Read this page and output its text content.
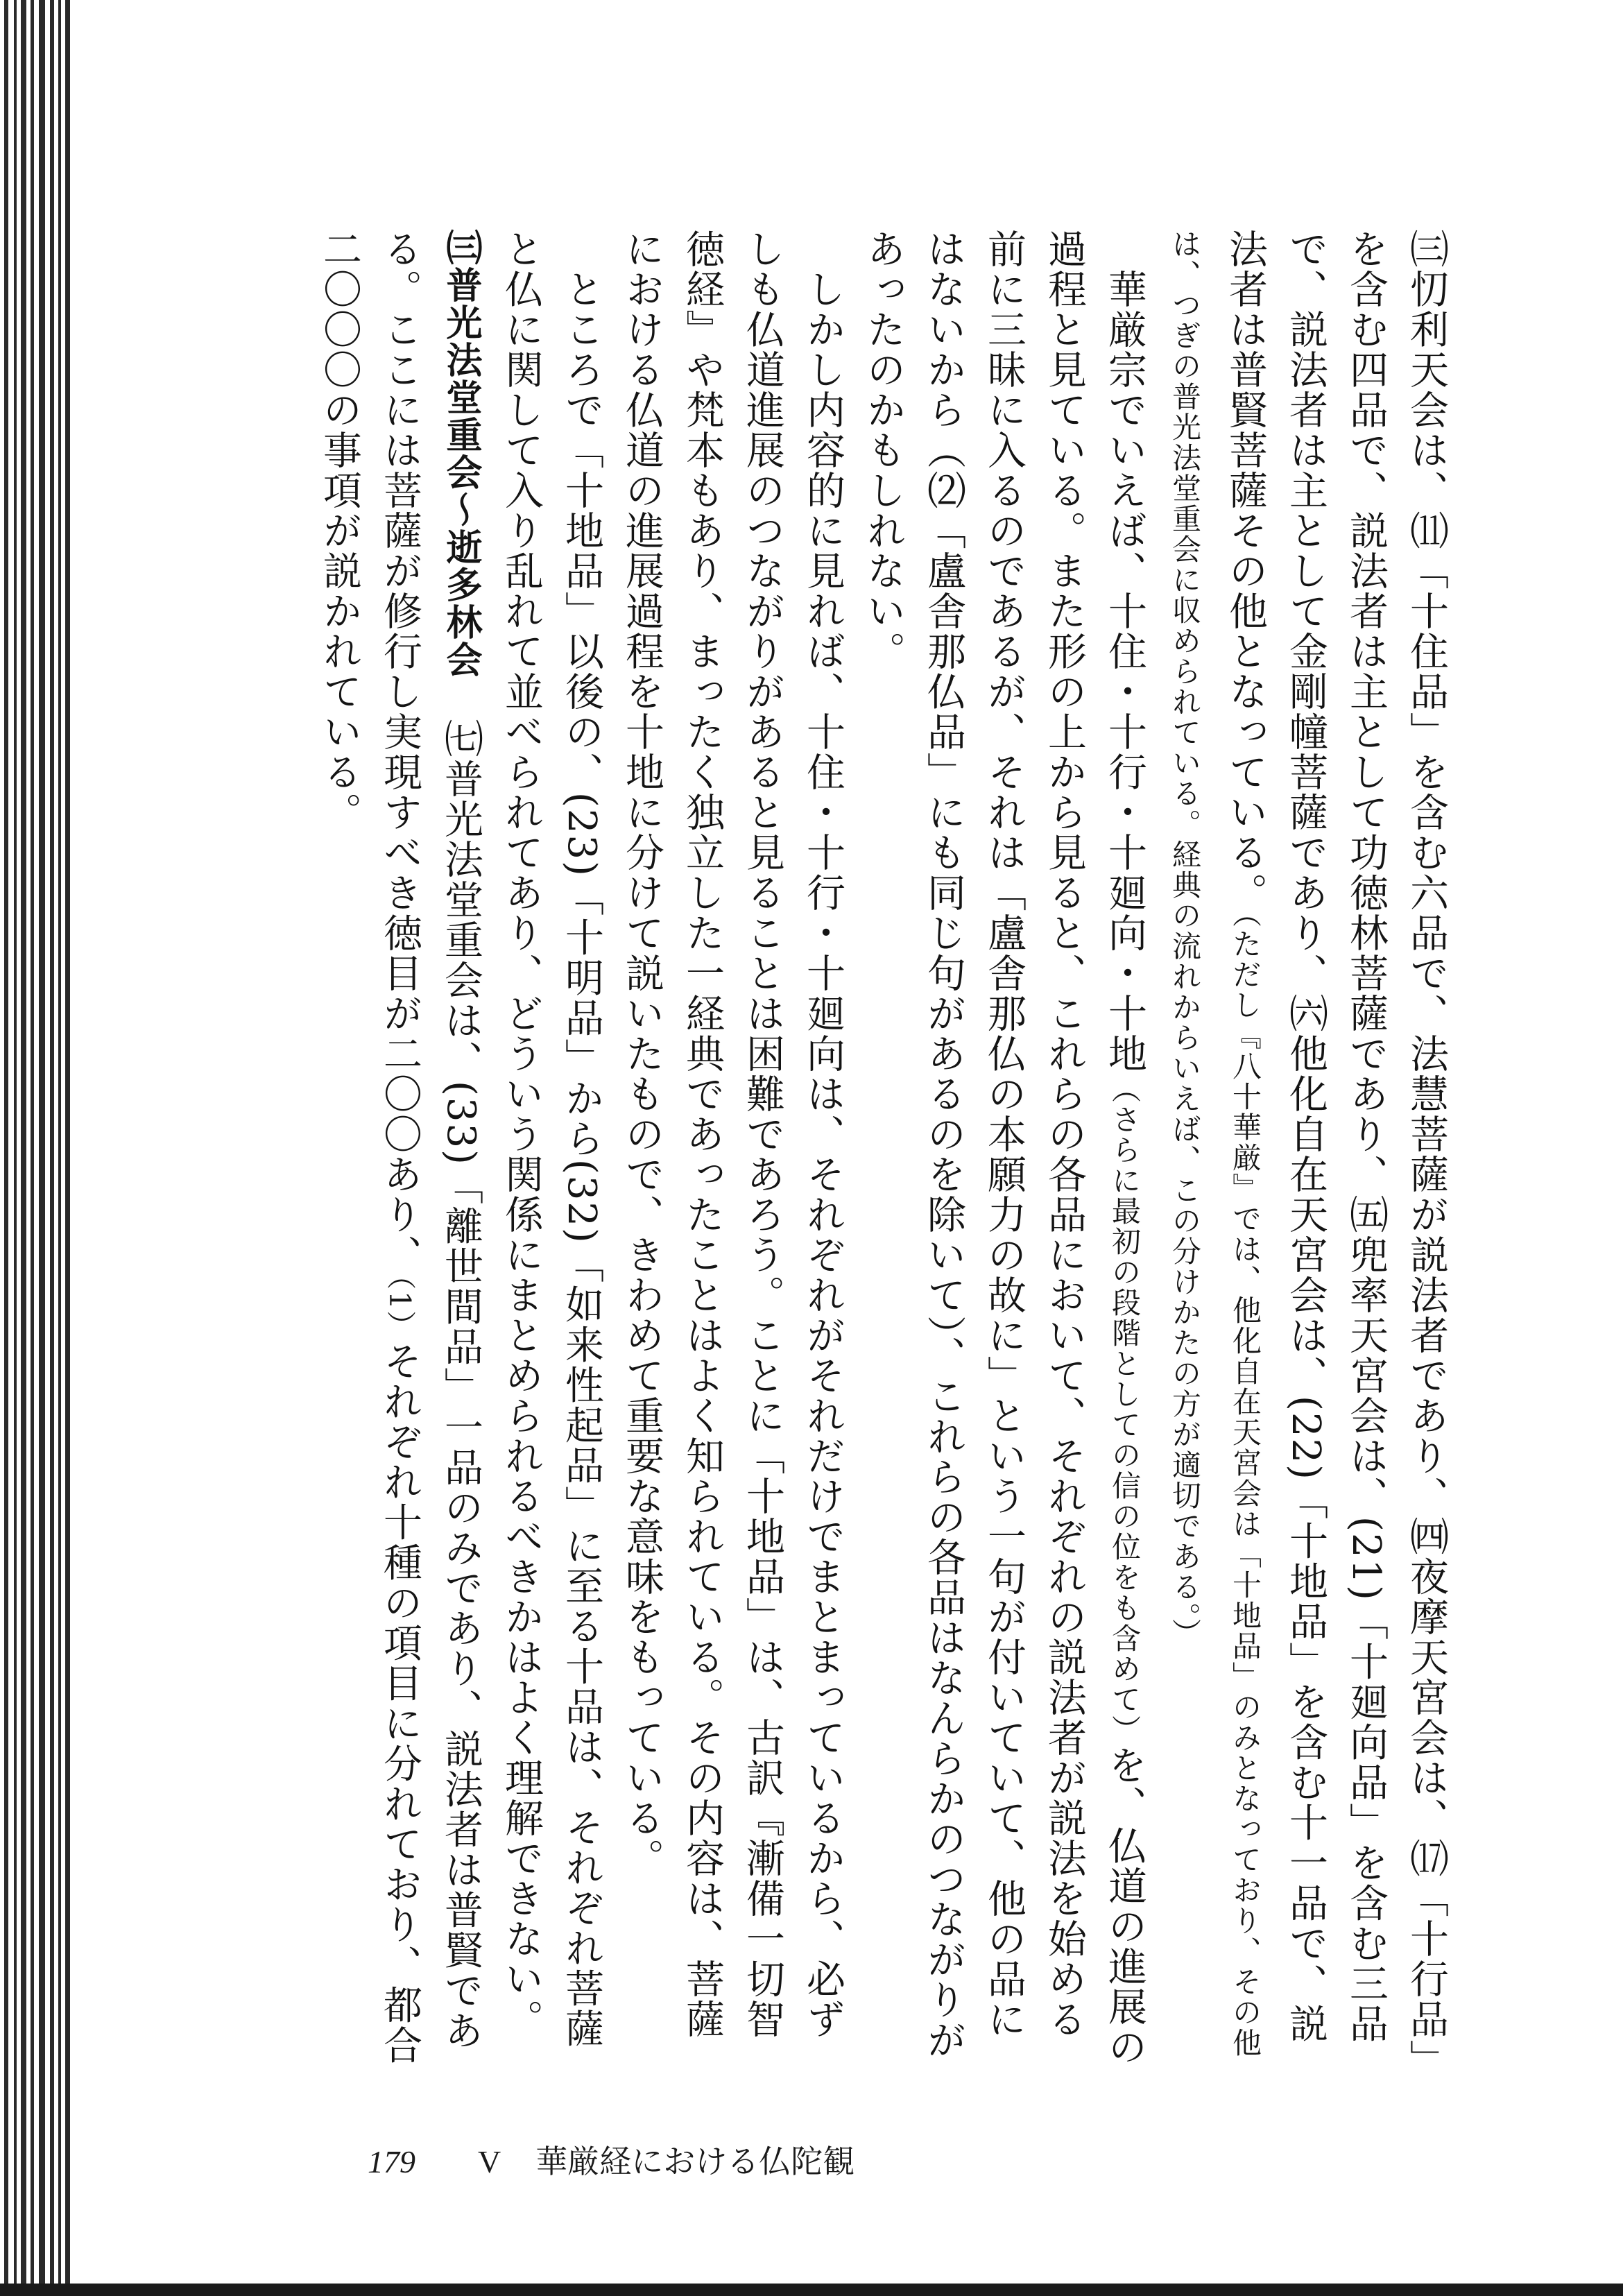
㈢忉利天会は、⑾「十住品」を含む六品で、法慧菩薩が説法者であり、㈣夜摩天宮会は、⒄「十行品」を含む四品で、説法者は主として功徳林菩薩であり、㈤兜率天宮会は、(21)「十廻向品」を含む三品で、説法者は主として金剛幢菩薩であり、㈥他化自在天宮会は、(22)「十地品」を含む十一品で、説法者は普賢菩薩その他となっている。（ただし『八十華厳』では、他化自在天宮会は「十地品」のみとなっており、その他は、つぎの普光法堂重会に収められている。経典の流れからいえば、この分けかたの方が適切である。）

　華厳宗でいえば、十住・十行・十廻向・十地（さらに最初の段階としての信の位をも含めて）を、仏道の進展の過程と見ている。また形の上から見ると、これらの各品において、それぞれの説法者が説法を始める前に三昧に入るのであるが、それは「盧舎那仏の本願力の故に」という一句が付いていて、他の品にはないから（⑵「盧舎那仏品」にも同じ句があるのを除いて）、これらの各品はなんらかのつながりがあったのかもしれない。

　しかし内容的に見れば、十住・十行・十廻向は、それぞれがそれだけでまとまっているから、必ずしも仏道進展のつながりがあると見ることは困難であろう。ことに「十地品」は、古訳『漸備一切智徳経』や梵本もあり、まったく独立した一経典であったことはよく知られている。その内容は、菩薩における仏道の進展過程を十地に分けて説いたもので、きわめて重要な意味をもっている。

　ところで「十地品」以後の、(23)「十明品」から(32)「如来性起品」に至る十品は、それぞれ菩薩と仏に関して入り乱れて並べられてあり、どういう関係にまとめられるべきかはよく理解できない。

㈢普光法堂重会〜逝多林会　㈦普光法堂重会は、(33)「離世間品」一品のみであり、説法者は普賢である。ここには菩薩が修行し実現すべき徳目が二〇〇あり、（1）それぞれ十種の項目に分れており、都合二〇〇〇の事項が説かれている。

179 V 華厳経における仏陀観
